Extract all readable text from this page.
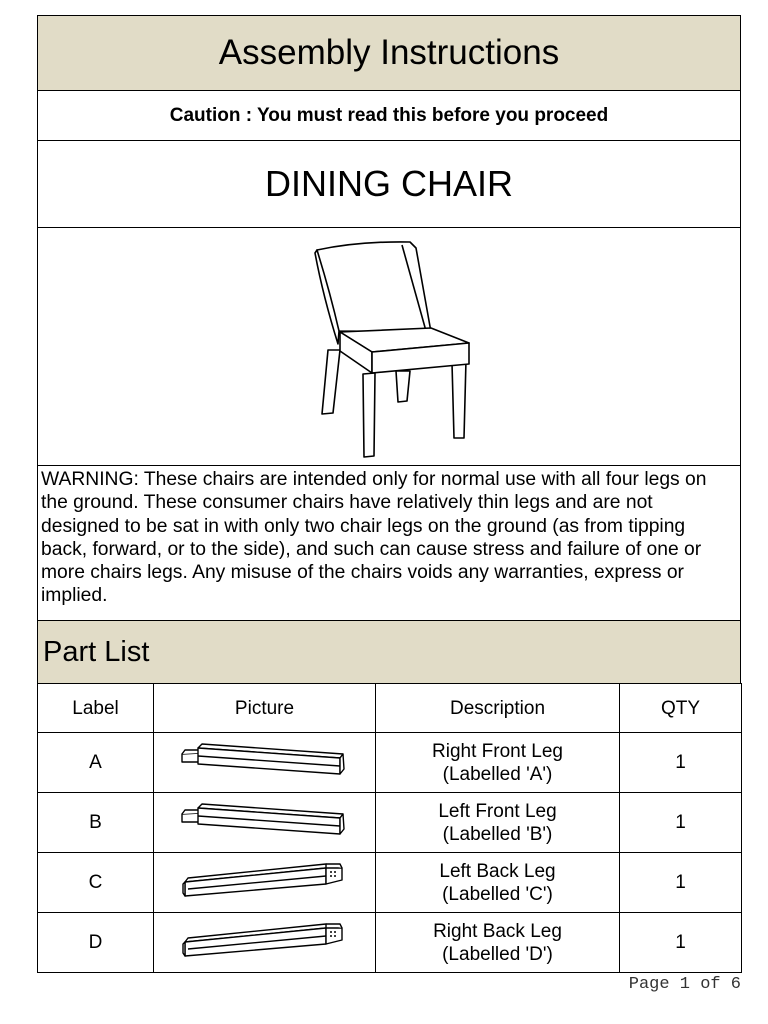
Assembly Instructions
Caution : You must read this before you proceed
DINING CHAIR
WARNING: These chairs are intended only for normal use with all four legs on the ground. These consumer chairs have relatively thin legs and are not designed to be sat in with only two chair legs on the ground (as from tipping back, forward, or to the side), and such can cause stress and failure of one or more chairs legs. Any misuse of the chairs voids any warranties, express or implied.
Part List
Label	Picture	Description	QTY
A		Right Front Leg
(Labelled 'A')	1
B		Left Front Leg
(Labelled 'B')	1
C		Left Back Leg
(Labelled 'C')	1
D		Right Back Leg
(Labelled 'D')	1
Page 1 of 6
